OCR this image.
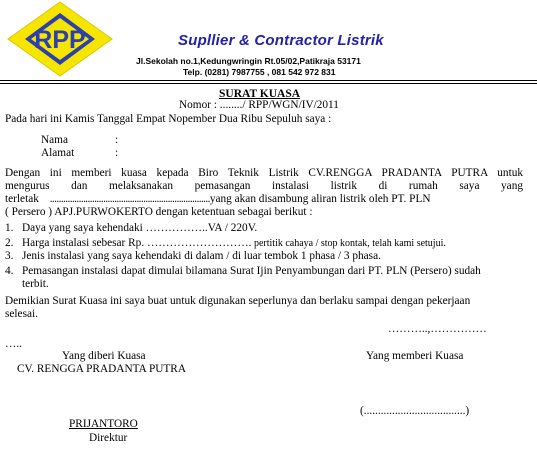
RPP	Supllier & Contractor Listrik
Jl.Sekolah no.1,Kedungwringin Rt.05/02,Patikraja 53171
Telp. (0281) 7987755 , 081 542 972 831
SURAT KUASA
Nomor : ......../ RPP/WGN/IV/2011
Pada hari ini Kamis Tanggal Empat Nopember Dua Ribu Sepuluh saya :
Nama	:
Alamat	:
Dengan ini memberi kuasa kepada Biro Teknik Listrik CV.RENGGA PRADANTA PUTRA untuk
mengurus dan melaksanakan pemasangan instalasi listrik di rumah saya yang
terletak ........................................................................yang akan disambung aliran listrik oleh PT. PLN
( Persero ) APJ.PURWOKERTO dengan ketentuan sebagai berikut :
1. Daya yang saya kehendaki ……………..VA / 220V.
2. Harga instalasi sebesar Rp. ………………………. pertitik cahaya / stop kontak, telah kami setujui.
3. Jenis instalasi yang saya kehendaki di dalam / di luar tembok 1 phasa / 3 phasa.
4. Pemasangan instalasi dapat dimulai bilamana Surat Ijin Penyambungan dari PT. PLN (Persero) sudah
terbit.
Demikian Surat Kuasa ini saya buat untuk digunakan seperlunya dan berlaku sampai dengan pekerjaan
selesai.
………..,……………
…..
Yang diberi Kuasa
CV. RENGGA PRADANTA PUTRA
Yang memberi Kuasa
(....................................)
PRIJANTORO
Direktur
